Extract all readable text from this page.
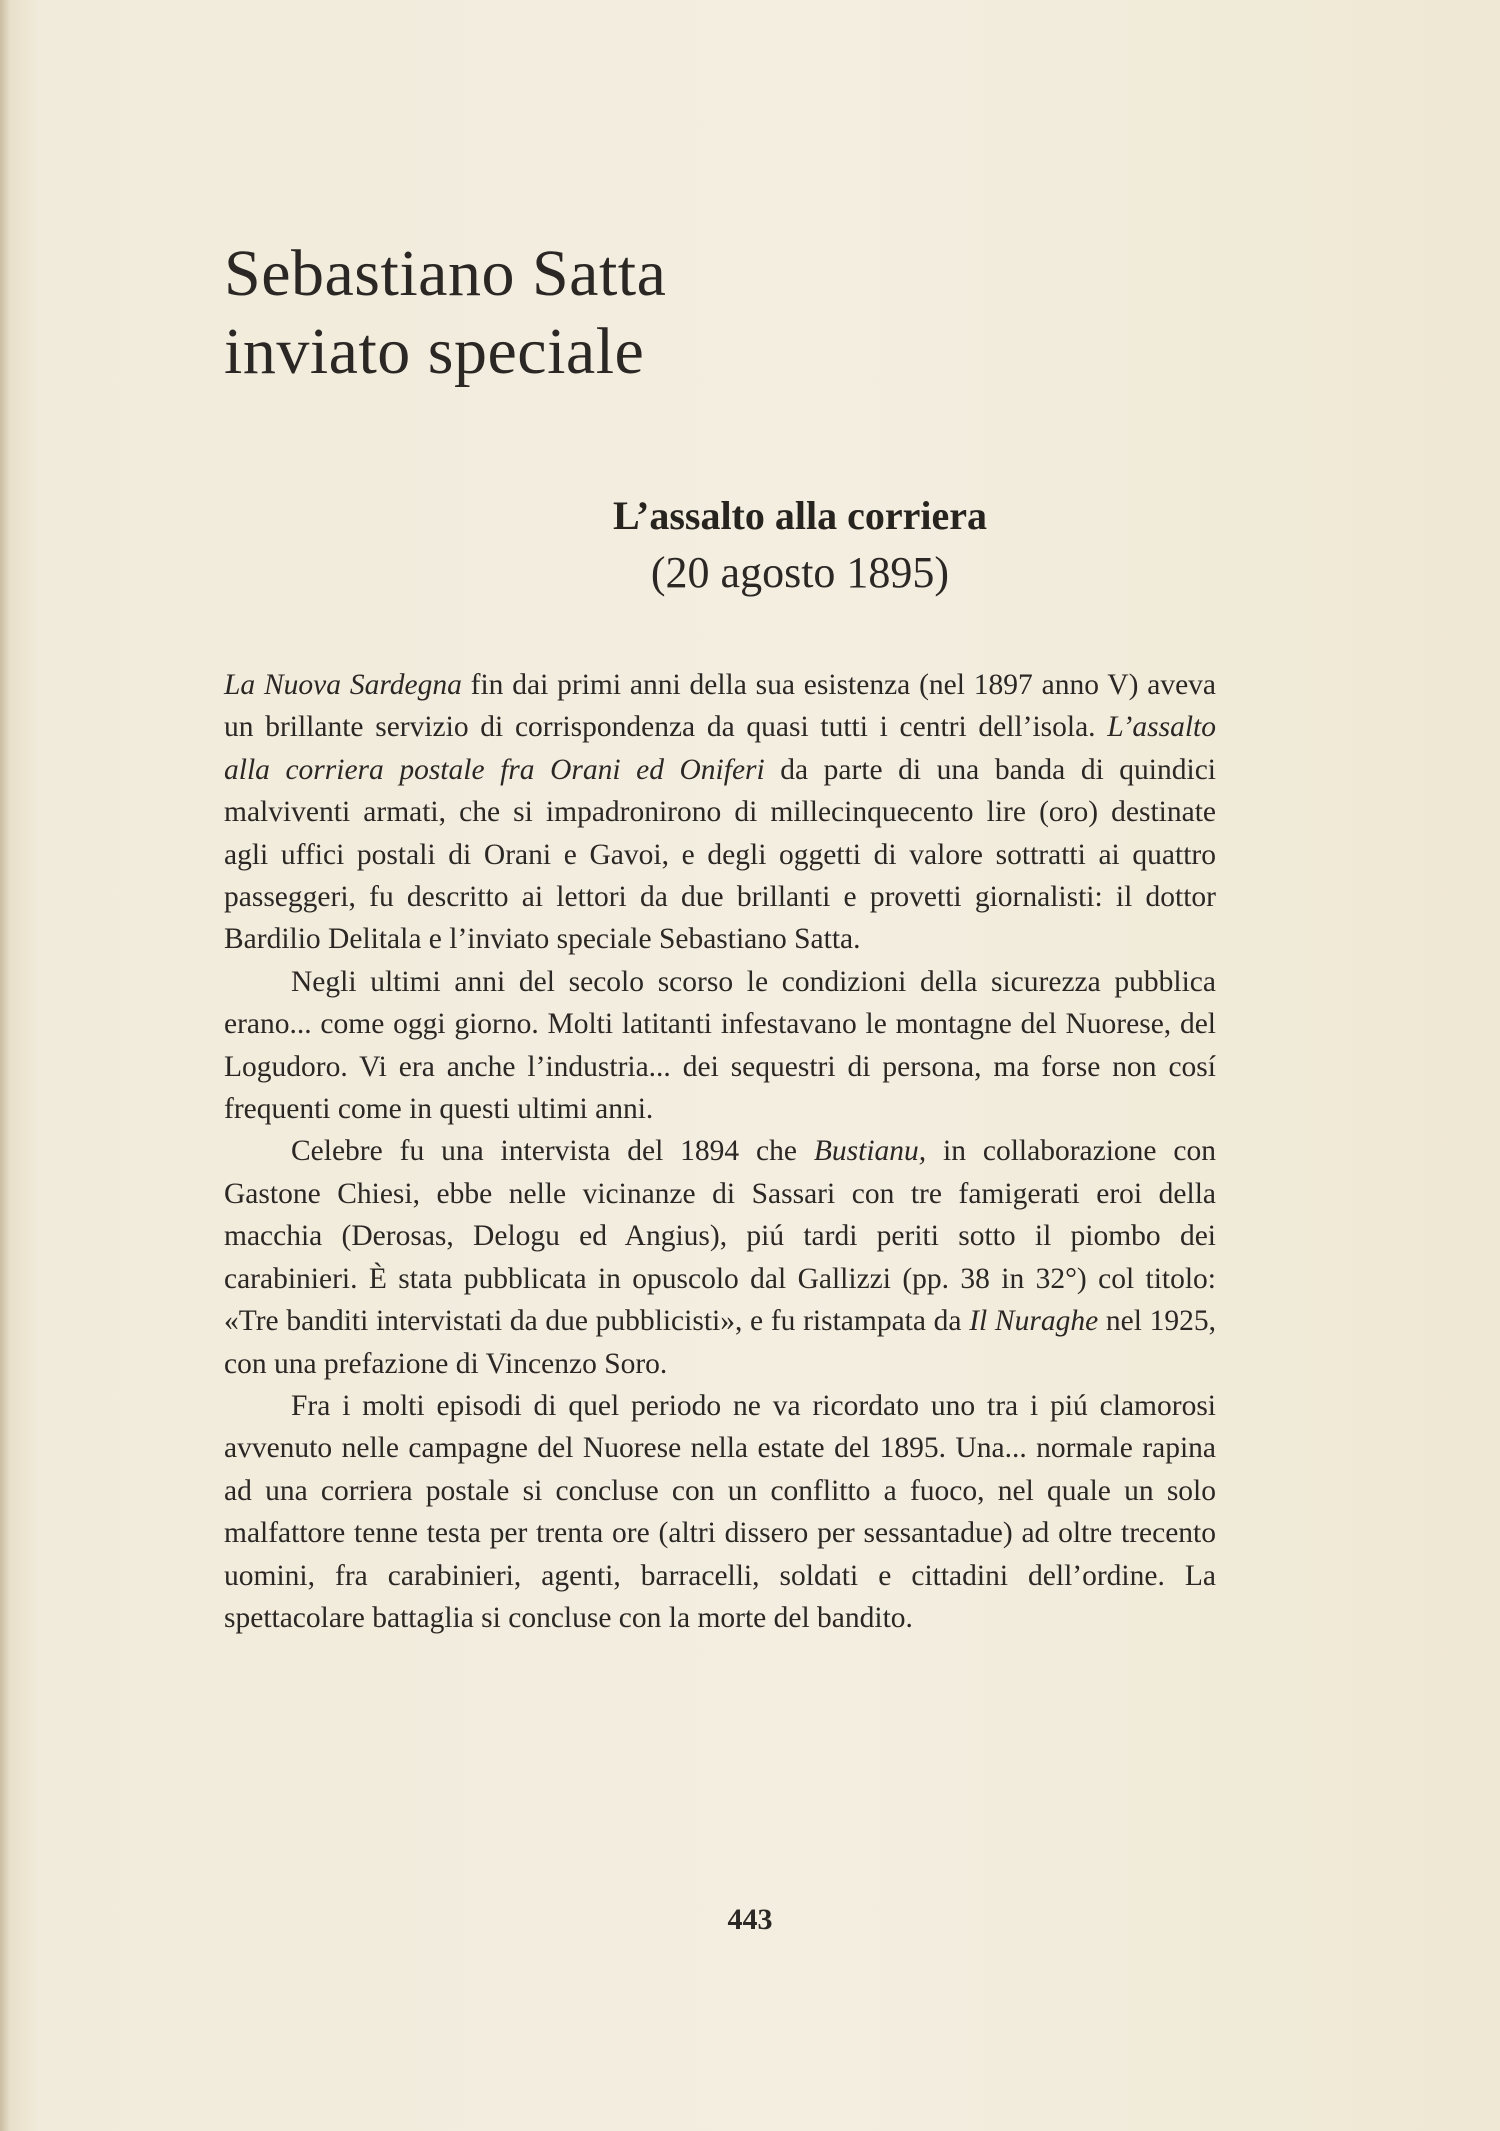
Sebastiano Satta
inviato speciale
L’assalto alla corriera
(20 agosto 1895)

La Nuova Sardegna fin dai primi anni della sua esistenza (nel 1897 anno V) aveva un brillante servizio di corrispondenza da quasi tutti i centri dell’isola. L’assalto alla corriera postale fra Orani ed Oniferi da parte di una banda di quindici malviventi armati, che si impadronirono di millecinquecento lire (oro) destinate agli uffici postali di Orani e Gavoi, e degli oggetti di valore sottratti ai quattro passeggeri, fu descritto ai lettori da due brillanti e provetti giornalisti: il dottor Bardilio Delitala e l’inviato speciale Sebastiano Satta.

Negli ultimi anni del secolo scorso le condizioni della sicurezza pubblica erano... come oggi giorno. Molti latitanti infestavano le montagne del Nuorese, del Logudoro. Vi era anche l’industria... dei sequestri di persona, ma forse non cosí frequenti come in questi ultimi anni.

Celebre fu una intervista del 1894 che Bustianu, in collaborazione con Gastone Chiesi, ebbe nelle vicinanze di Sassari con tre famigerati eroi della macchia (Derosas, Delogu ed Angius), piú tardi periti sotto il piombo dei carabinieri. È stata pubblicata in opuscolo dal Gallizzi (pp. 38 in 32°) col titolo: «Tre banditi intervistati da due pubblicisti», e fu ristampata da Il Nuraghe nel 1925, con una prefazione di Vincenzo Soro.

Fra i molti episodi di quel periodo ne va ricordato uno tra i piú clamorosi avvenuto nelle campagne del Nuorese nella estate del 1895. Una... normale rapina ad una corriera postale si concluse con un conflitto a fuoco, nel quale un solo malfattore tenne testa per trenta ore (altri dissero per sessantadue) ad oltre trecento uomini, fra carabinieri, agenti, barracelli, soldati e cittadini dell’ordine. La spettacolare battaglia si concluse con la morte del bandito.

443
